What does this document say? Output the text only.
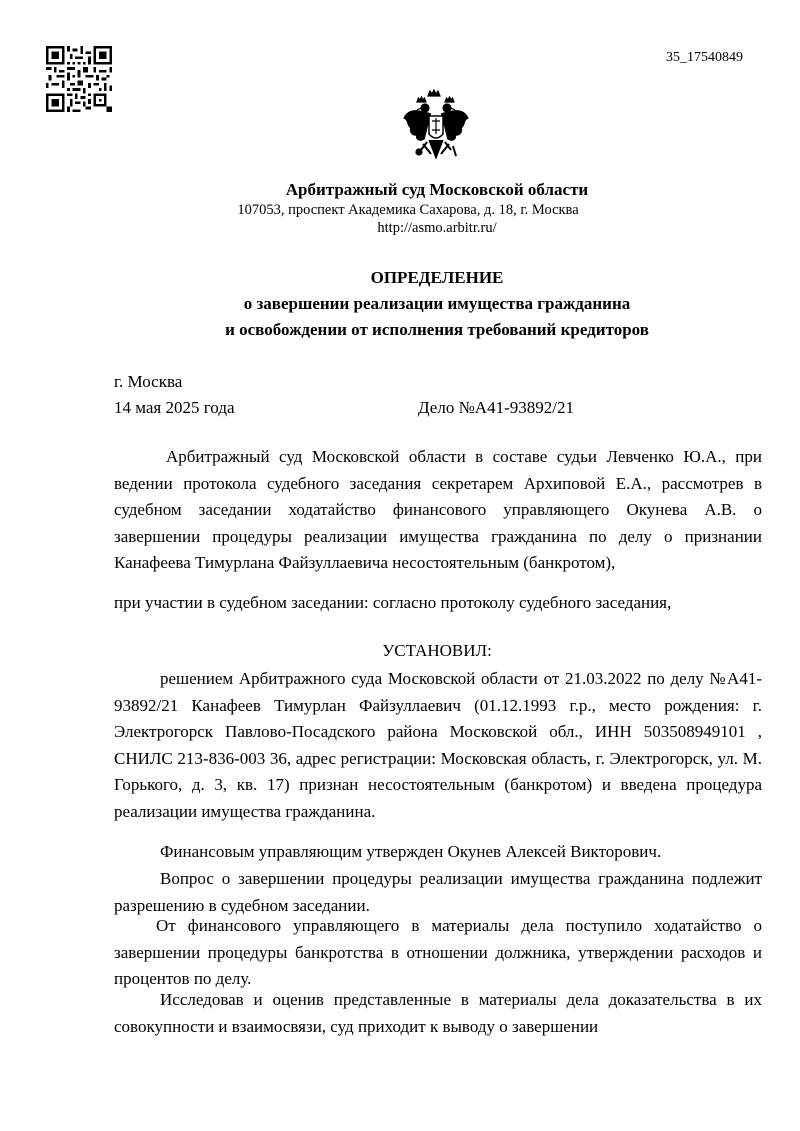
35_17540849
Арбитражный суд Московской области
107053, проспект Академика Сахарова, д. 18, г. Москва
http://asmo.arbitr.ru/
ОПРЕДЕЛЕНИЕ
о завершении реализации имущества гражданина
и освобождении от исполнения требований кредиторов
г. Москва
14 мая 2025 года	Дело №А41-93892/21
Арбитражный суд Московской области в составе судьи Левченко Ю.А., при ведении протокола судебного заседания секретарем Архиповой Е.А., рассмотрев в судебном заседании ходатайство финансового управляющего Окунева А.В. о завершении процедуры реализации имущества гражданина по делу о признании Канафеева Тимурлана Файзуллаевича несостоятельным (банкротом),
при участии в судебном заседании: согласно протоколу судебного заседания,
УСТАНОВИЛ:
решением Арбитражного суда Московской области от 21.03.2022 по делу №А41-93892/21 Канафеев Тимурлан Файзуллаевич (01.12.1993 г.р., место рождения: г. Электрогорск Павлово-Посадского района Московской обл., ИНН 503508949101 , СНИЛС 213-836-003 36, адрес регистрации: Московская область, г. Электрогорск, ул. М. Горького, д. 3, кв. 17) признан несостоятельным (банкротом) и введена процедура реализации имущества гражданина.
Финансовым управляющим утвержден Окунев Алексей Викторович.
Вопрос о завершении процедуры реализации имущества гражданина подлежит разрешению в судебном заседании.
От финансового управляющего в материалы дела поступило ходатайство о завершении процедуры банкротства в отношении должника, утверждении расходов и процентов по делу.
Исследовав и оценив представленные в материалы дела доказательства в их совокупности и взаимосвязи, суд приходит к выводу о завершении
